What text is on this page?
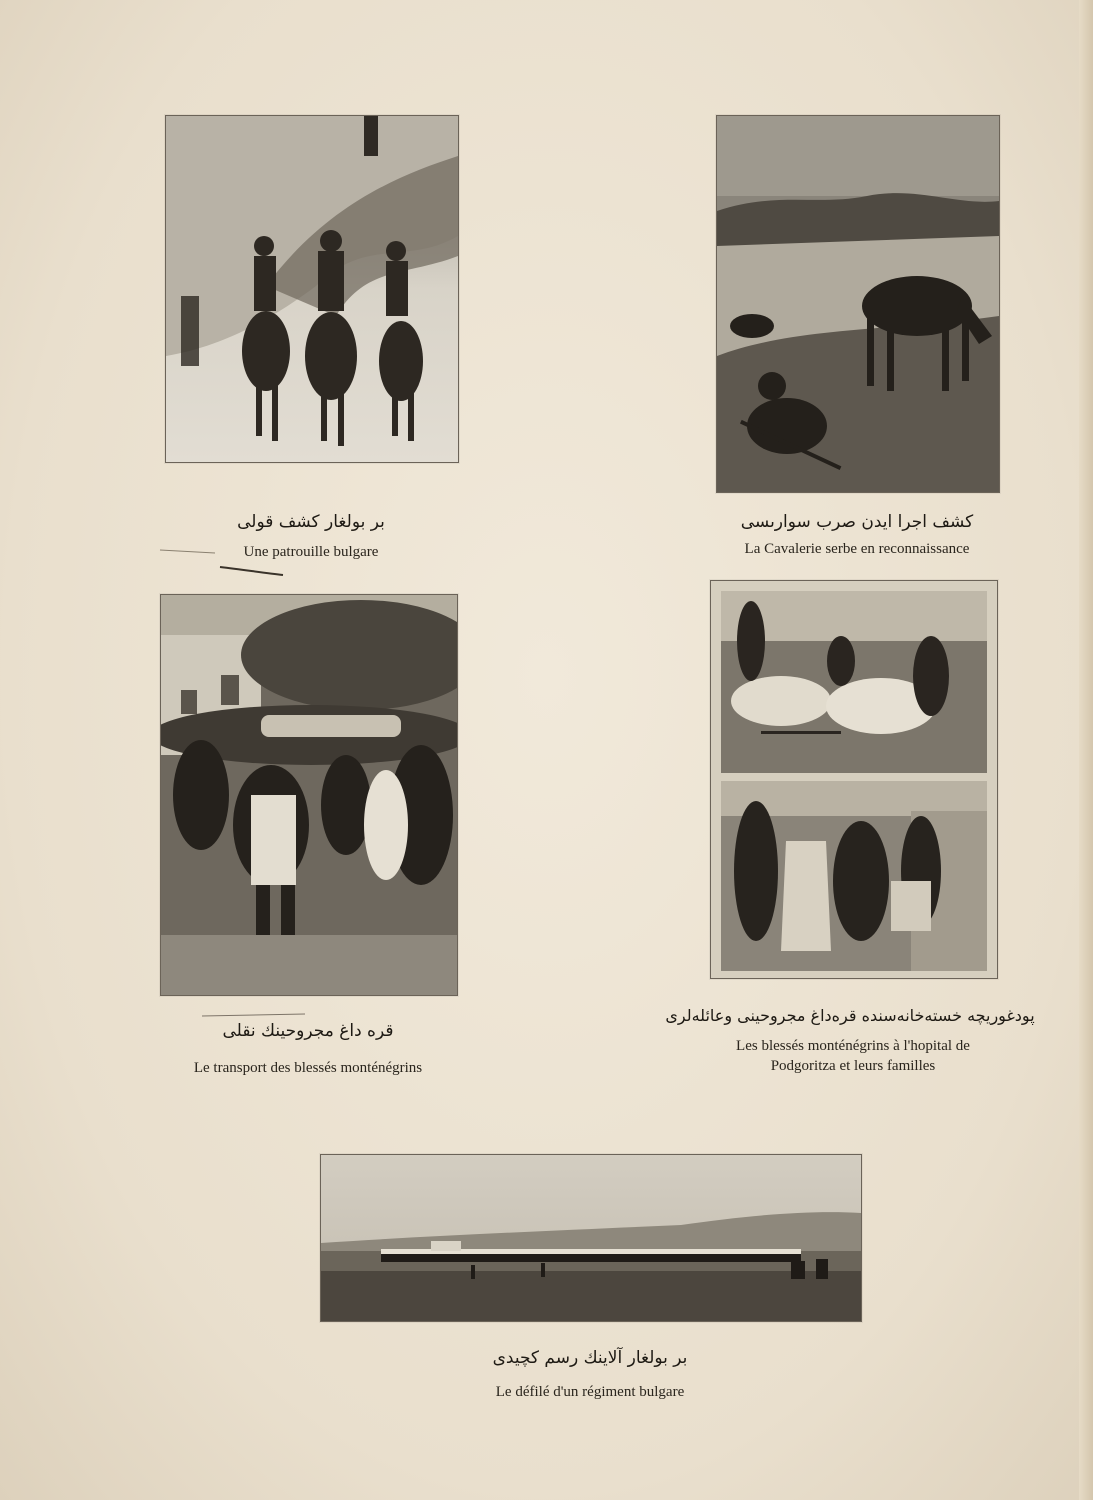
بر بولغار كشف قولى
Une patrouille bulgare
كشف اجرا ايدن صرب سوارىسى
La Cavalerie serbe en reconnaissance
قره داغ مجروحينك نقلى
Le transport des blessés monténégrins
پودغوريچه خستەخانەسندە قرەداغ مجروحينى وعائلەلرى
Les blessés monténégrins à l'hopital de
Podgoritza et leurs familles
بر بولغار آلاينك رسم كچيدى
Le défilé d'un régiment bulgare
